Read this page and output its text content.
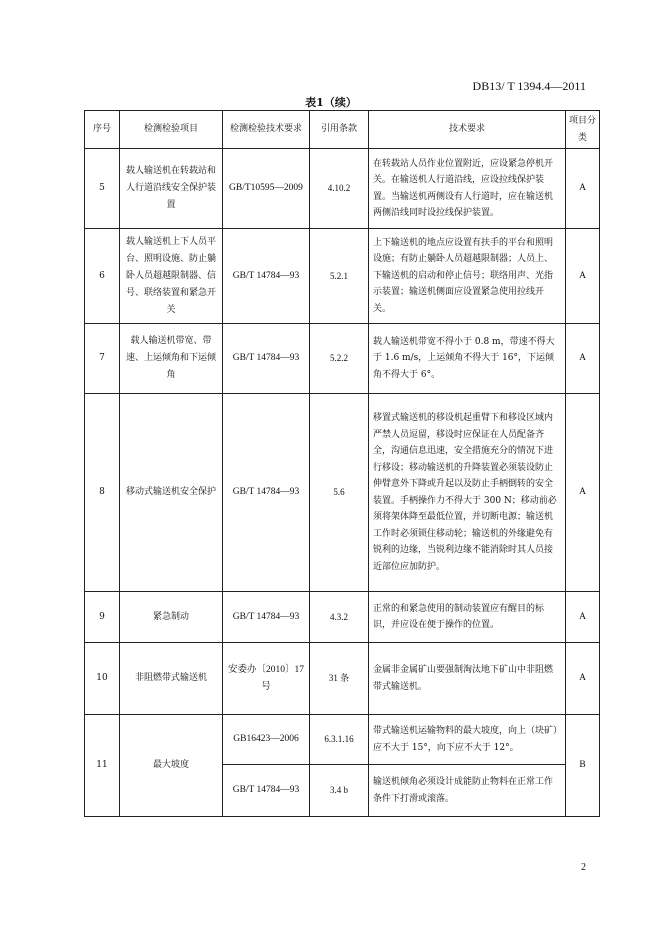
DB13/ T 1394.4—2011
表1（续）
序号	检测检验项目	检测检验技术要求	引用条款	技术要求	项目分类
5	载人输送机在转载站和人行道沿线安全保护装置	GB/T10595—2009	4.10.2	在转载站人员作业位置附近，应设紧急停机开关。在输送机人行道沿线，应设拉线保护装置。当输送机两侧设有人行道时，应在输送机两侧沿线同时设拉线保护装置。	A
6	载人输送机上下人员平台、照明设施、防止躺卧人员超越限制器、信号、联络装置和紧急开关	GB/T 14784—93	5.2.1	上下输送机的地点应设置有扶手的平台和照明设施；有防止躺卧人员超越限制器；人员上、下输送机的启动和停止信号；联络用声、光指示装置；输送机侧面应设置紧急使用拉线开关。	A
7	载人输送机带宽、带速、上运倾角和下运倾角	GB/T 14784—93	5.2.2	载人输送机带宽不得小于 0.8 m，带速不得大于 1.6 m/s，上运倾角不得大于 16°，下运倾角不得大于 6°。	A
8	移动式输送机安全保护	GB/T 14784—93	5.6	移置式输送机的移设机起重臂下和移设区域内严禁人员逗留，移设时应保证在人员配备齐全，沟通信息迅速，安全措施充分的情况下进行移设；移动输送机的升降装置必须装设防止伸臂意外下降或升起以及防止手柄倒转的安全装置。手柄操作力不得大于 300 N；移动前必须将架体降至最低位置，并切断电源；输送机工作时必须锁住移动轮；输送机的外缘避免有锐利的边缘，当锐利边缘不能消除时其人员接近部位应加防护。	A
9	紧急制动	GB/T 14784—93	4.3.2	正常的和紧急使用的制动装置应有醒目的标识，并应设在便于操作的位置。	A
10	非阻燃带式输送机	安委办〔2010〕17号	31 条	金属非金属矿山要强制淘汰地下矿山中非阻燃带式输送机。	A
11	最大坡度	GB16423—2006	6.3.1.16	带式输送机运输物料的最大坡度，向上（块矿）应不大于 15°，向下应不大于 12°。	B
		GB/T 14784—93	3.4 b	输送机倾角必须设计成能防止物料在正常工作条件下打滑或滚落。	
2
